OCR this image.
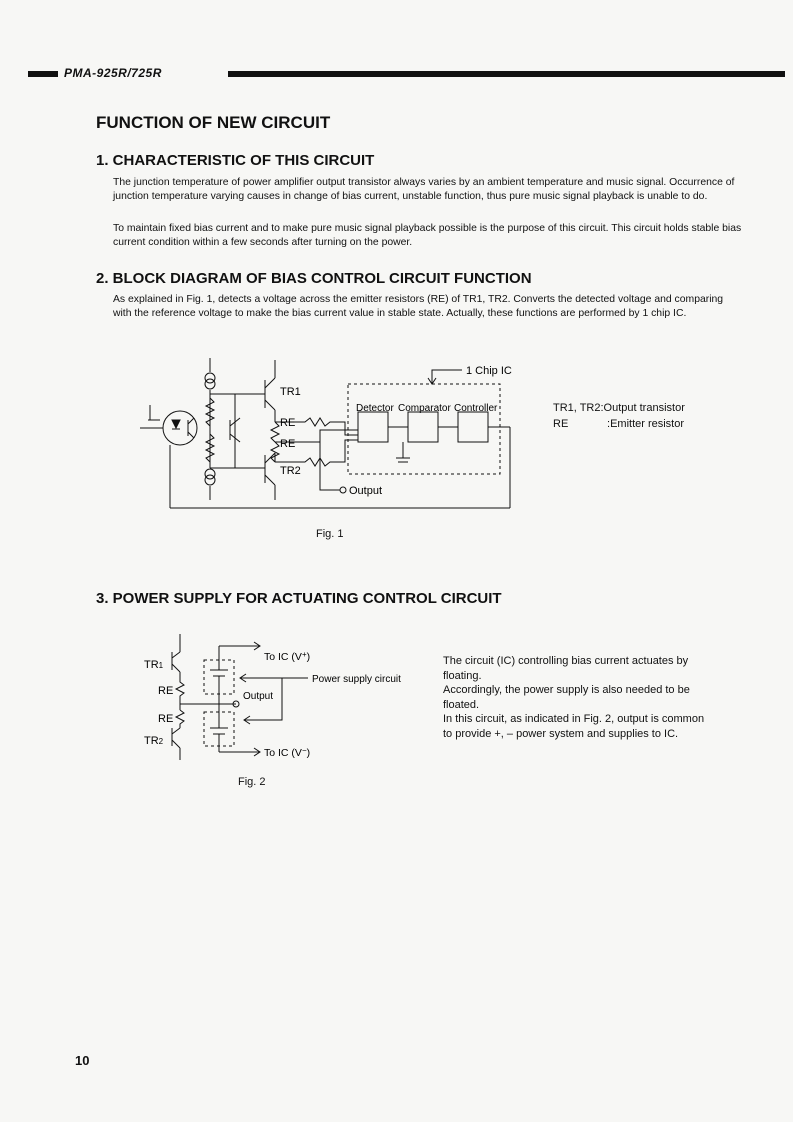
PMA-925R/725R
FUNCTION OF NEW CIRCUIT
1. CHARACTERISTIC OF THIS CIRCUIT

The junction temperature of power amplifier output transistor always varies by an ambient temperature and music signal. Occurrence of junction temperature varying causes in change of bias current, unstable function, thus pure music signal playback is unable to do.

To maintain fixed bias current and to make pure music signal playback possible is the purpose of this circuit. This circuit holds stable bias current condition within a few seconds after turning on the power.

2. BLOCK DIAGRAM OF BIAS CONTROL CIRCUIT FUNCTION

As explained in Fig. 1, detects a voltage across the emitter resistors (RE) of TR1, TR2. Converts the detected voltage and comparing with the reference voltage to make the bias current value in stable state. Actually, these functions are performed by 1 chip IC.

TR1
RE
RE
TR2
1 Chip IC
Detector Comparator Controller
Output
TR1, TR2:Output transistor
RE	:Emitter resistor
Fig. 1
3. POWER SUPPLY FOR ACTUATING CONTROL CIRCUIT
TR1
RE
RE
TR2
To IC (V+)
To IC (V−)
Power supply circuit
Output
Fig. 2

The circuit (IC) controlling bias current actuates by floating.

Accordingly, the power supply is also needed to be floated.

In this circuit, as indicated in Fig. 2, output is common to provide +, – power system and supplies to IC.

10
